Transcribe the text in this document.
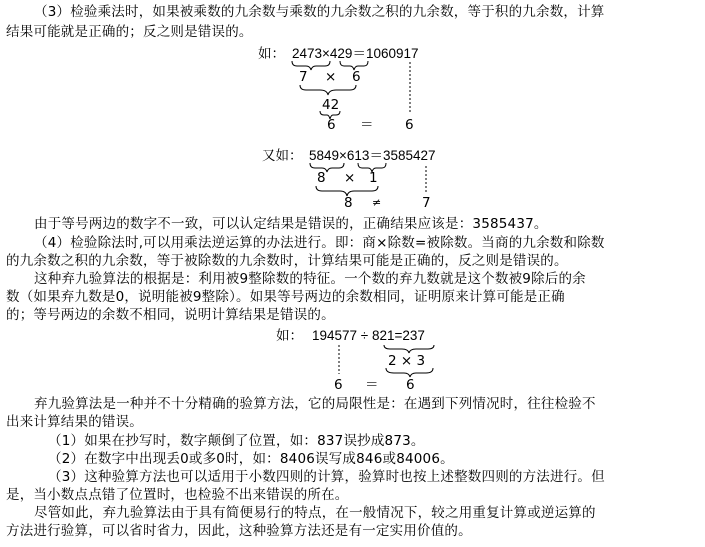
（3）检验乘法时，如果被乘数的九余数与乘数的九余数之积的九余数，等于积的九余数，计算
结果可能就是正确的；反之则是错误的。
如： 2473×429＝1060917
7 × 6
42
6 ＝ 6
又如： 5849×613＝3585427
8 × 1
8 ≠	7
由于等号两边的数字不一致，可以认定结果是错误的，正确结果应该是：3585437。
（4）检验除法时,可以用乘法逆运算的办法进行。即：商×除数=被除数。当商的九余数和除数
的九余数之积的九余数，等于被除数的九余数时，计算结果可能是正确的，反之则是错误的。
这种弃九验算法的根据是：利用被9整除数的特征。一个数的弃九数就是这个数被9除后的余
数（如果弃九数是0，说明能被9整除）。如果等号两边的余数相同，证明原来计算可能是正确
的；等号两边的余数不相同，说明计算结果是错误的。
如： 194577 ÷ 821=237
2 × 3
6 ＝ 6
弃九验算法是一种并不十分精确的验算方法，它的局限性是：在遇到下列情况时，往往检验不
出来计算结果的错误。
（1）如果在抄写时，数字颠倒了位置，如：837误抄成873。
（2）在数字中出现丢0或多0时，如：8406误写成846或84006。
（3）这种验算方法也可以适用于小数四则的计算，验算时也按上述整数四则的方法进行。但
是，当小数点点错了位置时，也检验不出来错误的所在。
尽管如此，弃九验算法由于具有简便易行的特点，在一般情况下，较之用重复计算或逆运算的
方法进行验算，可以省时省力，因此，这种验算方法还是有一定实用价值的。
